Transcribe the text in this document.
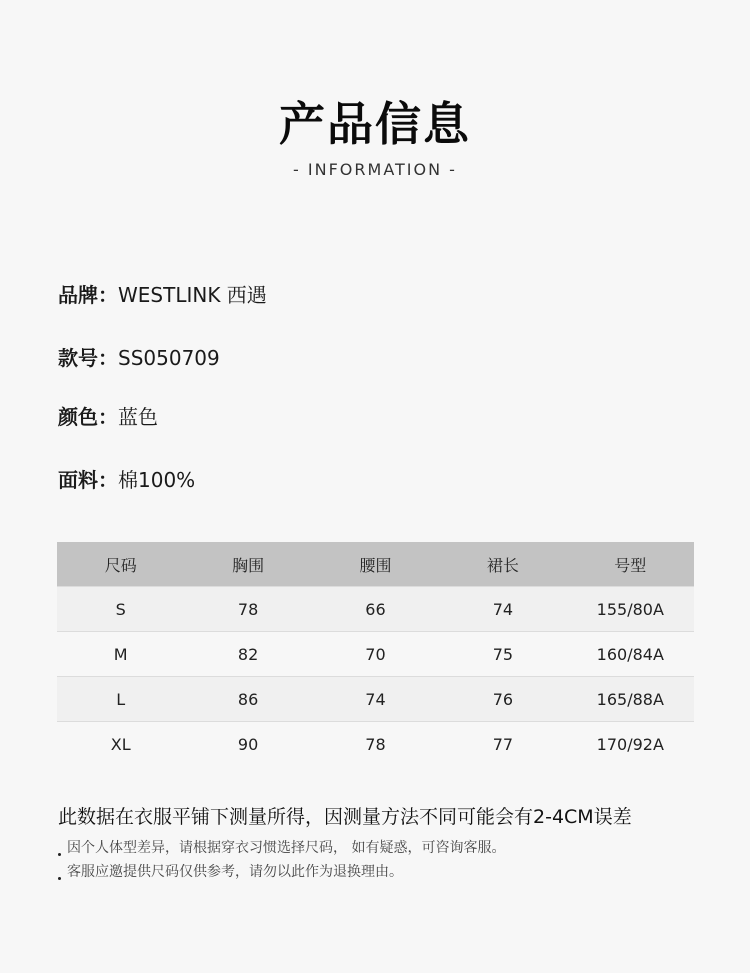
产品信息
- INFORMATION -
品牌：WESTLINK 西遇
款号：SS050709
颜色：蓝色
面料：棉100%
尺码	胸围	腰围	裙长	号型
S	78	66	74	155/80A
M	82	70	75	160/84A
L	86	74	76	165/88A
XL	90	78	77	170/92A
此数据在衣服平铺下测量所得，因测量方法不同可能会有2-4CM误差
因个人体型差异，请根据穿衣习惯选择尺码， 如有疑惑，可咨询客服。
客服应邀提供尺码仅供参考，请勿以此作为退换理由。
